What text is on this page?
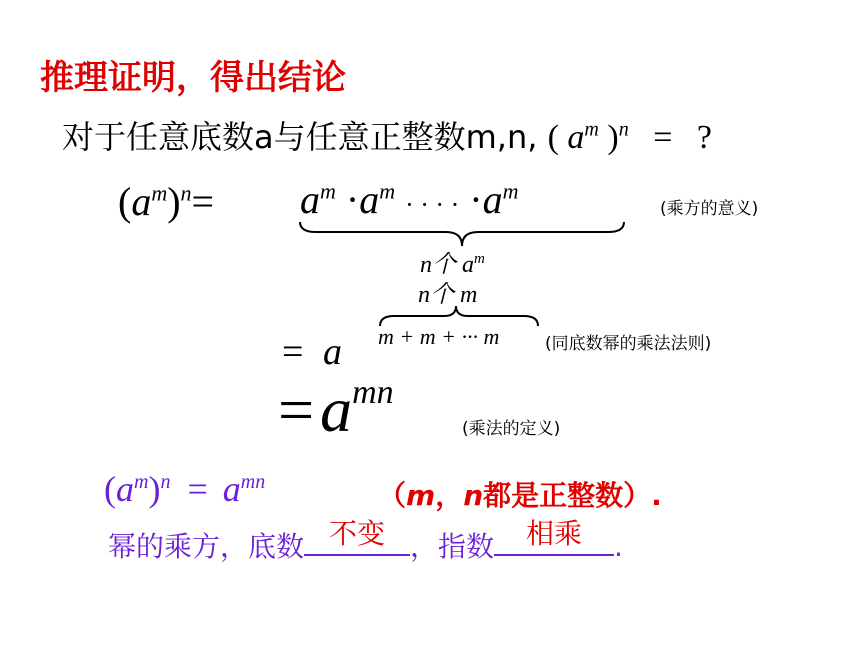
推理证明，得出结论
对于任意底数a与任意正整数m,n, ( $a^m$ )$^n$ = ?
$(a^m)^n= a^m \cdot a^m$ · · · · $\cdot a^m$
(乘方的意义)
n个 $a^m$
n个 m
= a m + m + ··· m	(同底数幂的乘法法则)
$=a^{mn}$
(乘法的定义)
$(a^m)^n = a^{mn}$	（m，n都是正整数）.
幂的乘方，底数 不变 ，指数	相乘	.
